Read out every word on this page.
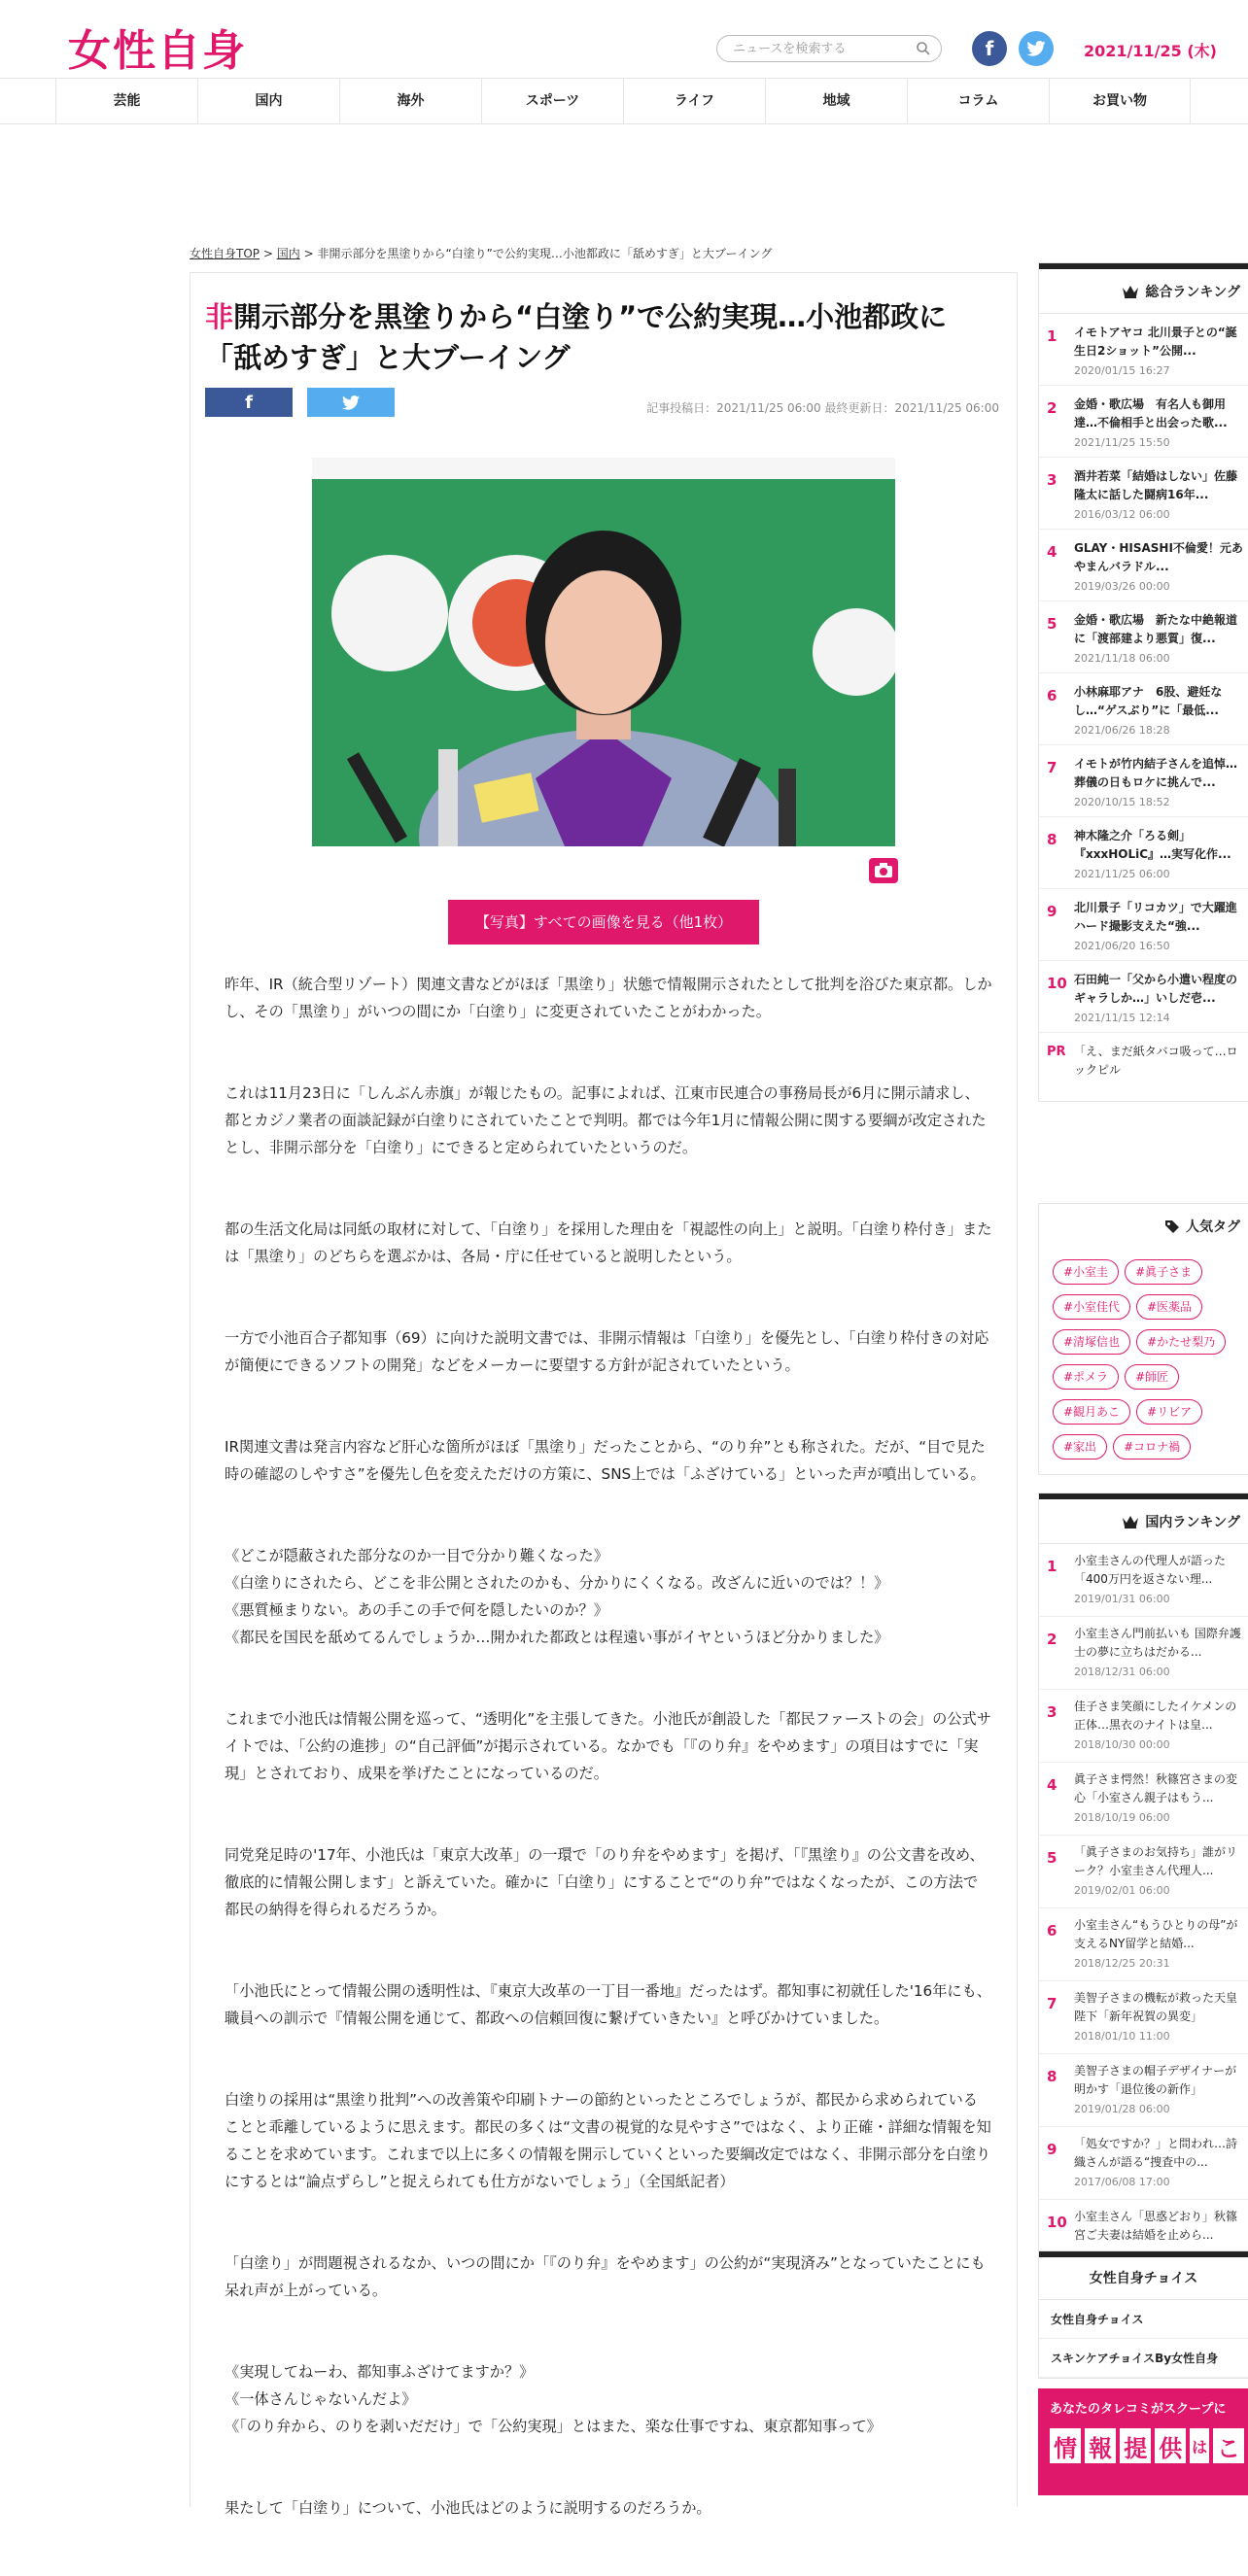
女性自身
ニュースを検索する	f	2021/11/25 (木)
芸能	国内	海外	スポーツ	ライフ	地域	コラム	お買い物
女性自身TOP > 国内 > 非開示部分を黒塗りから“白塗り”で公約実現…小池都政に「舐めすぎ」と大ブーイング
非開示部分を黒塗りから“白塗り”で公約実現…小池都政に「舐めすぎ」と大ブーイング
f	記事投稿日：2021/11/25 06:00 最終更新日：2021/11/25 06:00
【写真】すべての画像を見る（他1枚）

昨年、IR（統合型リゾート）関連文書などがほぼ「黒塗り」状態で情報開示されたとして批判を浴びた東京都。しかし、その「黒塗り」がいつの間にか「白塗り」に変更されていたことがわかった。

これは11月23日に「しんぶん赤旗」が報じたもの。記事によれば、江東市民連合の事務局長が6月に開示請求し、都とカジノ業者の面談記録が白塗りにされていたことで判明。都では今年1月に情報公開に関する要綱が改定されたとし、非開示部分を「白塗り」にできると定められていたというのだ。

都の生活文化局は同紙の取材に対して、「白塗り」を採用した理由を「視認性の向上」と説明。「白塗り枠付き」または「黒塗り」のどちらを選ぶかは、各局・庁に任せていると説明したという。

一方で小池百合子都知事（69）に向けた説明文書では、非開示情報は「白塗り」を優先とし、「白塗り枠付きの対応が簡便にできるソフトの開発」などをメーカーに要望する方針が記されていたという。

IR関連文書は発言内容など肝心な箇所がほぼ「黒塗り」だったことから、“のり弁”とも称された。だが、“目で見た時の確認のしやすさ”を優先し色を変えただけの方策に、SNS上では「ふざけている」といった声が噴出している。

《どこが隠蔽された部分なのか一目で分かり難くなった》
《白塗りにされたら、どこを非公開とされたのかも、分かりにくくなる。改ざんに近いのでは？！》
《悪質極まりない。あの手この手で何を隠したいのか？》
《都民を国民を舐めてるんでしょうか…開かれた都政とは程遠い事がイヤというほど分かりました》

これまで小池氏は情報公開を巡って、“透明化”を主張してきた。小池氏が創設した「都民ファーストの会」の公式サイトでは、「公約の進捗」の“自己評価”が掲示されている。なかでも「『のり弁』をやめます」の項目はすでに「実現」とされており、成果を挙げたことになっているのだ。

同党発足時の'17年、小池氏は「東京大改革」の一環で「のり弁をやめます」を掲げ、「『黒塗り』の公文書を改め、徹底的に情報公開します」と訴えていた。確かに「白塗り」にすることで“のり弁”ではなくなったが、この方法で都民の納得を得られるだろうか。

「小池氏にとって情報公開の透明性は、『東京大改革の一丁目一番地』だったはず。都知事に初就任した'16年にも、職員への訓示で『情報公開を通じて、都政への信頼回復に繋げていきたい』と呼びかけていました。

白塗りの採用は“黒塗り批判”への改善策や印刷トナーの節約といったところでしょうが、都民から求められていることと乖離しているように思えます。都民の多くは“文書の視覚的な見やすさ”ではなく、より正確・詳細な情報を知ることを求めています。これまで以上に多くの情報を開示していくといった要綱改定ではなく、非開示部分を白塗りにするとは“論点ずらし”と捉えられても仕方がないでしょう」（全国紙記者）

「白塗り」が問題視されるなか、いつの間にか「『のり弁』をやめます」の公約が“実現済み”となっていたことにも呆れ声が上がっている。

《実現してねーわ、都知事ふざけてますか？》
《一体さんじゃないんだよ》
《「のり弁から、のりを剥いだだけ」で「公約実現」とはまた、楽な仕事ですね、東京都知事って》

果たして「白塗り」について、小池氏はどのように説明するのだろうか。

総合ランキング
1 イモトアヤコ 北川景子との“誕生日2ショット”公開...
2020/01/15 16:27
2 金婚・歌広場　有名人も御用達…不倫相手と出会った歌...
2021/11/25 15:50
3 酒井若菜「結婚はしない」佐藤隆太に話した闘病16年...
2016/03/12 06:00
4 GLAY・HISASHI不倫愛！元あやまんバラドル...
2019/03/26 00:00
5 金婚・歌広場　新たな中絶報道に「渡部建より悪質」復...
2021/11/18 06:00
6 小林麻耶アナ　6股、避妊なし…“ゲスぶり”に「最低...
2021/06/26 18:28
7 イモトが竹内結子さんを追悼…葬儀の日もロケに挑んで...
2020/10/15 18:52
8 神木隆之介「ろる剣」『xxxHOLiC』…実写化作...
2021/11/25 06:00
9 北川景子「リコカツ」で大躍進 ハード撮影支えた“強...
2021/06/20 16:50
10 石田純一「父から小遣い程度のギャラしか…」いしだ壱...
2021/11/15 12:14
PR 「え、まだ紙タバコ吸って…ロックピル
人気タグ
#小室圭 #眞子さま#小室佳代 #医薬品#清塚信也 #かたせ梨乃#ポメラ #師匠#観月あこ #リビア#家出 #コロナ禍
国内ランキング
1 小室圭さんの代理人が語った「400万円を返さない理...
2019/01/31 06:00
2 小室圭さん門前払いも 国際弁護士の夢に立ちはだかる...
2018/12/31 06:00
3 佳子さま笑顔にしたイケメンの正体…黒衣のナイトは皇...
2018/10/30 00:00
4 眞子さま愕然！秋篠宮さまの変心「小室さん親子はもう...
2018/10/19 06:00
5 「眞子さまのお気持ち」誰がリーク？小室圭さん代理人...
2019/02/01 06:00
6 小室圭さん“もうひとりの母”が支えるNY留学と結婚...
2018/12/25 20:31
7 美智子さまの機転が救った天皇陛下「新年祝賀の異変」
2018/01/10 11:00
8 美智子さまの帽子デザイナーが明かす「退位後の新作」
2019/01/28 06:00
9 「処女ですか？」と問われ…詩織さんが語る“捜査中の...
2017/06/08 17:00
10 小室圭さん「思惑どおり」秋篠宮ご夫妻は結婚を止めら...
女性自身チョイス
女性自身チョイス
スキンケアチョイスBy女性自身
あなたのタレコミがスクープに
情 報 提 供 は こ
